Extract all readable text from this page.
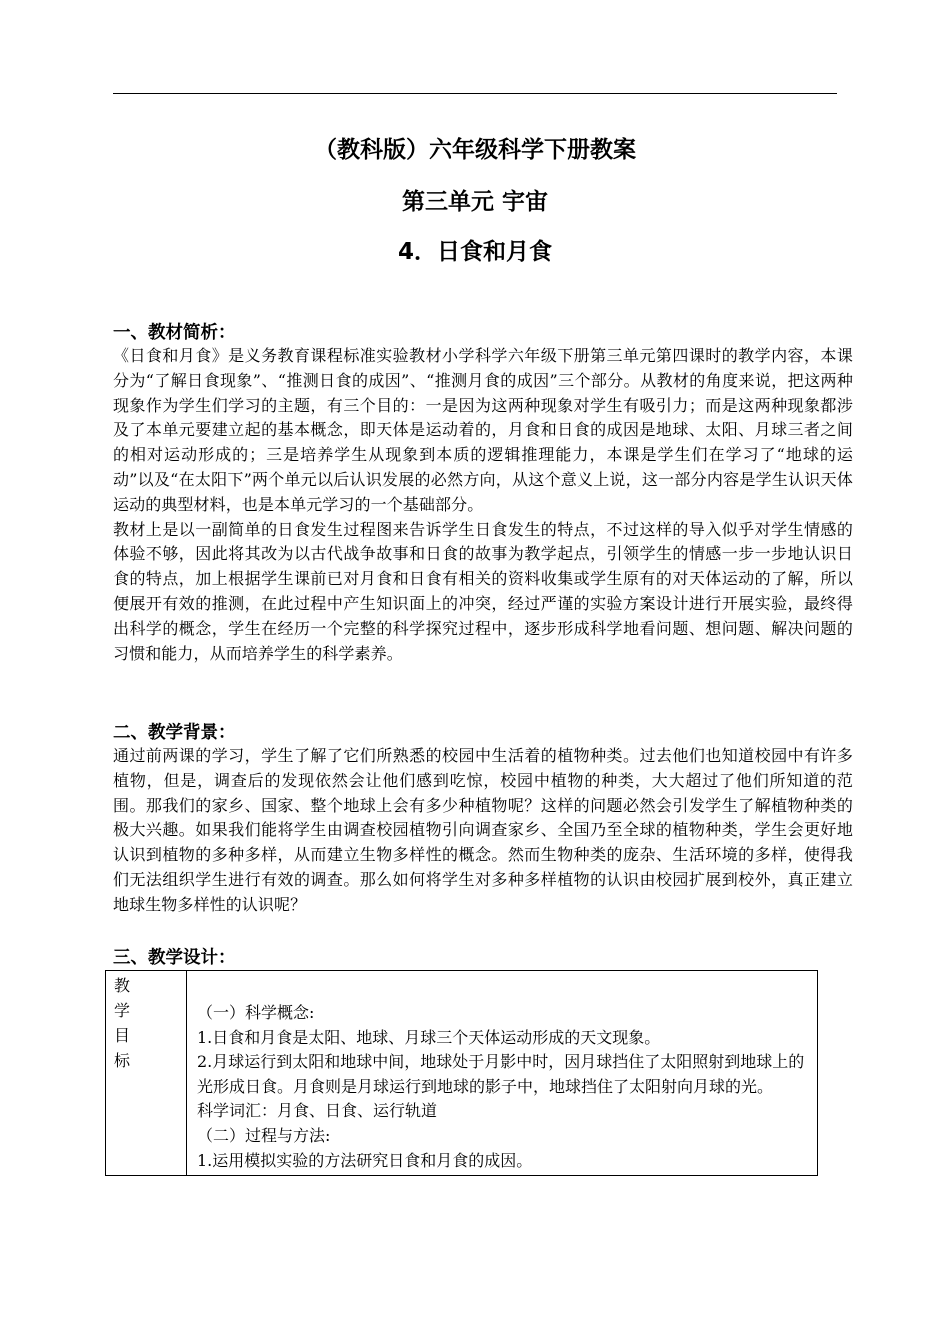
（教科版）六年级科学下册教案
第三单元 宇宙
4．日食和月食
一、教材简析：
《日食和月食》是义务教育课程标准实验教材小学科学六年级下册第三单元第四课时的教学内容，本课分为“了解日食现象”、“推测日食的成因”、“推测月食的成因”三个部分。从教材的角度来说，把这两种现象作为学生们学习的主题，有三个目的：一是因为这两种现象对学生有吸引力；而是这两种现象都涉及了本单元要建立起的基本概念，即天体是运动着的，月食和日食的成因是地球、太阳、月球三者之间的相对运动形成的；三是培养学生从现象到本质的逻辑推理能力，本课是学生们在学习了“地球的运动”以及“在太阳下”两个单元以后认识发展的必然方向，从这个意义上说，这一部分内容是学生认识天体运动的典型材料，也是本单元学习的一个基础部分。
教材上是以一副简单的日食发生过程图来告诉学生日食发生的特点，不过这样的导入似乎对学生情感的体验不够，因此将其改为以古代战争故事和日食的故事为教学起点，引领学生的情感一步一步地认识日食的特点，加上根据学生课前已对月食和日食有相关的资料收集或学生原有的对天体运动的了解，所以便展开有效的推测，在此过程中产生知识面上的冲突，经过严谨的实验方案设计进行开展实验，最终得出科学的概念，学生在经历一个完整的科学探究过程中，逐步形成科学地看问题、想问题、解决问题的习惯和能力，从而培养学生的科学素养。
二、教学背景：
通过前两课的学习，学生了解了它们所熟悉的校园中生活着的植物种类。过去他们也知道校园中有许多植物，但是，调查后的发现依然会让他们感到吃惊，校园中植物的种类，大大超过了他们所知道的范围。那我们的家乡、国家、整个地球上会有多少种植物呢？这样的问题必然会引发学生了解植物种类的极大兴趣。如果我们能将学生由调查校园植物引向调查家乡、全国乃至全球的植物种类，学生会更好地认识到植物的多种多样，从而建立生物多样性的概念。然而生物种类的庞杂、生活环境的多样，使得我们无法组织学生进行有效的调查。那么如何将学生对多种多样植物的认识由校园扩展到校外，真正建立地球生物多样性的认识呢？
三、教学设计：
教学目标

（一）科学概念:
1.日食和月食是太阳、地球、月球三个天体运动形成的天文现象。
2.月球运行到太阳和地球中间，地球处于月影中时，因月球挡住了太阳照射到地球上的光形成日食。月食则是月球运行到地球的影子中，地球挡住了太阳射向月球的光。
科学词汇：月食、日食、运行轨道
（二）过程与方法:
1.运用模拟实验的方法研究日食和月食的成因。
